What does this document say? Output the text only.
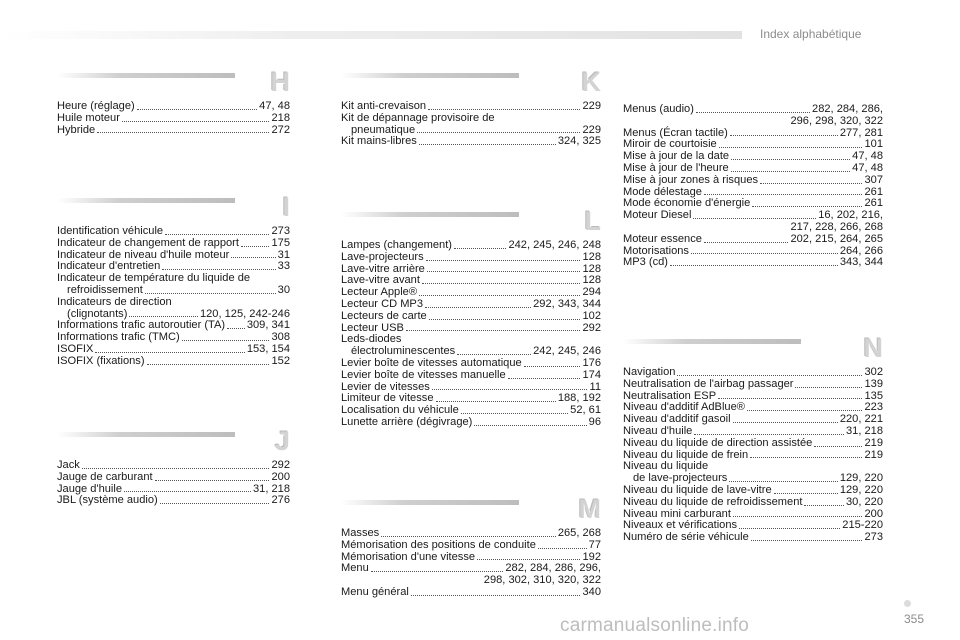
Index alphabétique
H
Heure (réglage)	47, 48
Huile moteur	218
Hybride	272
I
Identification véhicule	273
Indicateur de changement de rapport	175
Indicateur de niveau d'huile moteur	31
Indicateur d'entretien	33
Indicateur de température du liquide de
refroidissement	30
Indicateurs de direction
(clignotants)	120, 125, 242-246
Informations trafic autoroutier (TA) 309, 341
Informations trafic (TMC)	308
ISOFIX	153, 154
ISOFIX (fixations)	152
J
Jack	292
Jauge de carburant	200
Jauge d'huile	31, 218
JBL (système audio)	276
K
Kit anti-crevaison	229
Kit de dépannage provisoire de
pneumatique	229
Kit mains-libres	324, 325
L
Lampes (changement)	242, 245, 246, 248
Lave-projecteurs	128
Lave-vitre arrière	128
Lave-vitre avant	128
Lecteur Apple®	294
Lecteur CD MP3	292, 343, 344
Lecteurs de carte	102
Lecteur USB	292
Leds-diodes
électroluminescentes	242, 245, 246
Levier boîte de vitesses automatique	176
Levier boîte de vitesses manuelle	174
Levier de vitesses	11
Limiteur de vitesse	188, 192
Localisation du véhicule	52, 61
Lunette arrière (dégivrage)	96
M
Masses	265, 268
Mémorisation des positions de conduite	77
Mémorisation d'une vitesse	192
Menu	282, 284, 286, 296,
298, 302, 310, 320, 322
Menu général	340
Menus (audio)	282, 284, 286,
296, 298, 320, 322
Menus (Écran tactile)	277, 281
Miroir de courtoisie	101
Mise à jour de la date	47, 48
Mise à jour de l'heure	47, 48
Mise à jour zones à risques	307
Mode délestage	261
Mode économie d'énergie	261
Moteur Diesel	16, 202, 216,
217, 228, 266, 268
Moteur essence	202, 215, 264, 265
Motorisations	264, 266
MP3 (cd)	343, 344
N
Navigation	302
Neutralisation de l'airbag passager	139
Neutralisation ESP	135
Niveau d'additif AdBlue®	223
Niveau d'additif gasoil	220, 221
Niveau d'huile	31, 218
Niveau du liquide de direction assistée	219
Niveau du liquide de frein	219
Niveau du liquide
de lave-projecteurs	129, 220
Niveau du liquide de lave-vitre	129, 220
Niveau du liquide de refroidissement	30, 220
Niveau mini carburant	200
Niveaux et vérifications	215-220
Numéro de série véhicule	273
355
carmanualsonline.info
